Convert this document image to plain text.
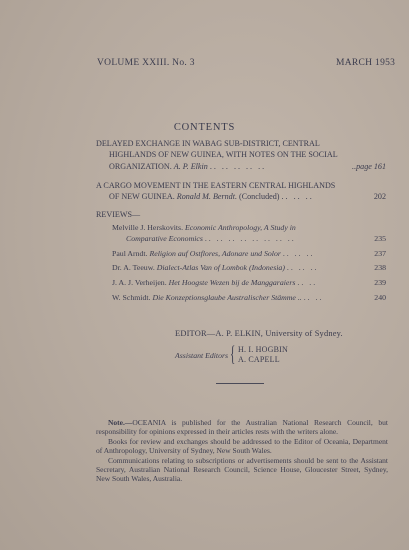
VOLUME XXIII. No. 3	MARCH 1953
CONTENTS
DELAYED EXCHANGE IN WABAG SUB-DISTRICT, CENTRAL
HIGHLANDS OF NEW GUINEA, WITH NOTES ON THE SOCIAL
ORGANIZATION. A. P. Elkin .. .. .. .. ..	..page 161
A CARGO MOVEMENT IN THE EASTERN CENTRAL HIGHLANDS
OF NEW GUINEA. Ronald M. Berndt. (Concluded) .. .. ..	202
REVIEWS—
Melville J. Herskovits. Economic Anthropology, A Study in
Comparative Economics .. .. .. .. .. .. .. ..	235
Paul Arndt. Religion auf Ostflores, Adonare und Solor .. .. ..	237
Dr. A. Teeuw. Dialect-Atlas Van of Lombok (Indonesia) .. .. ..	238
J. A. J. Verheijen. Het Hoogste Wezen bij de Manggaraiers .. ..	239
W. Schmidt. Die Konzeptionsglaube Australischer Stämme .. .. ..	240
EDITOR—A. P. ELKIN, University of Sydney.
Assistant Editors { H. I. HOGBIN
A. CAPELL

Note.—OCEANIA is published for the Australian National Research Council, but responsibility for opinions expressed in their articles rests with the writers alone.

Books for review and exchanges should be addressed to the Editor of Oceania, Department of Anthropology, University of Sydney, New South Wales.

Communications relating to subscriptions or advertisements should be sent to the Assistant Secretary, Australian National Research Council, Science House, Gloucester Street, Sydney, New South Wales, Australia.
